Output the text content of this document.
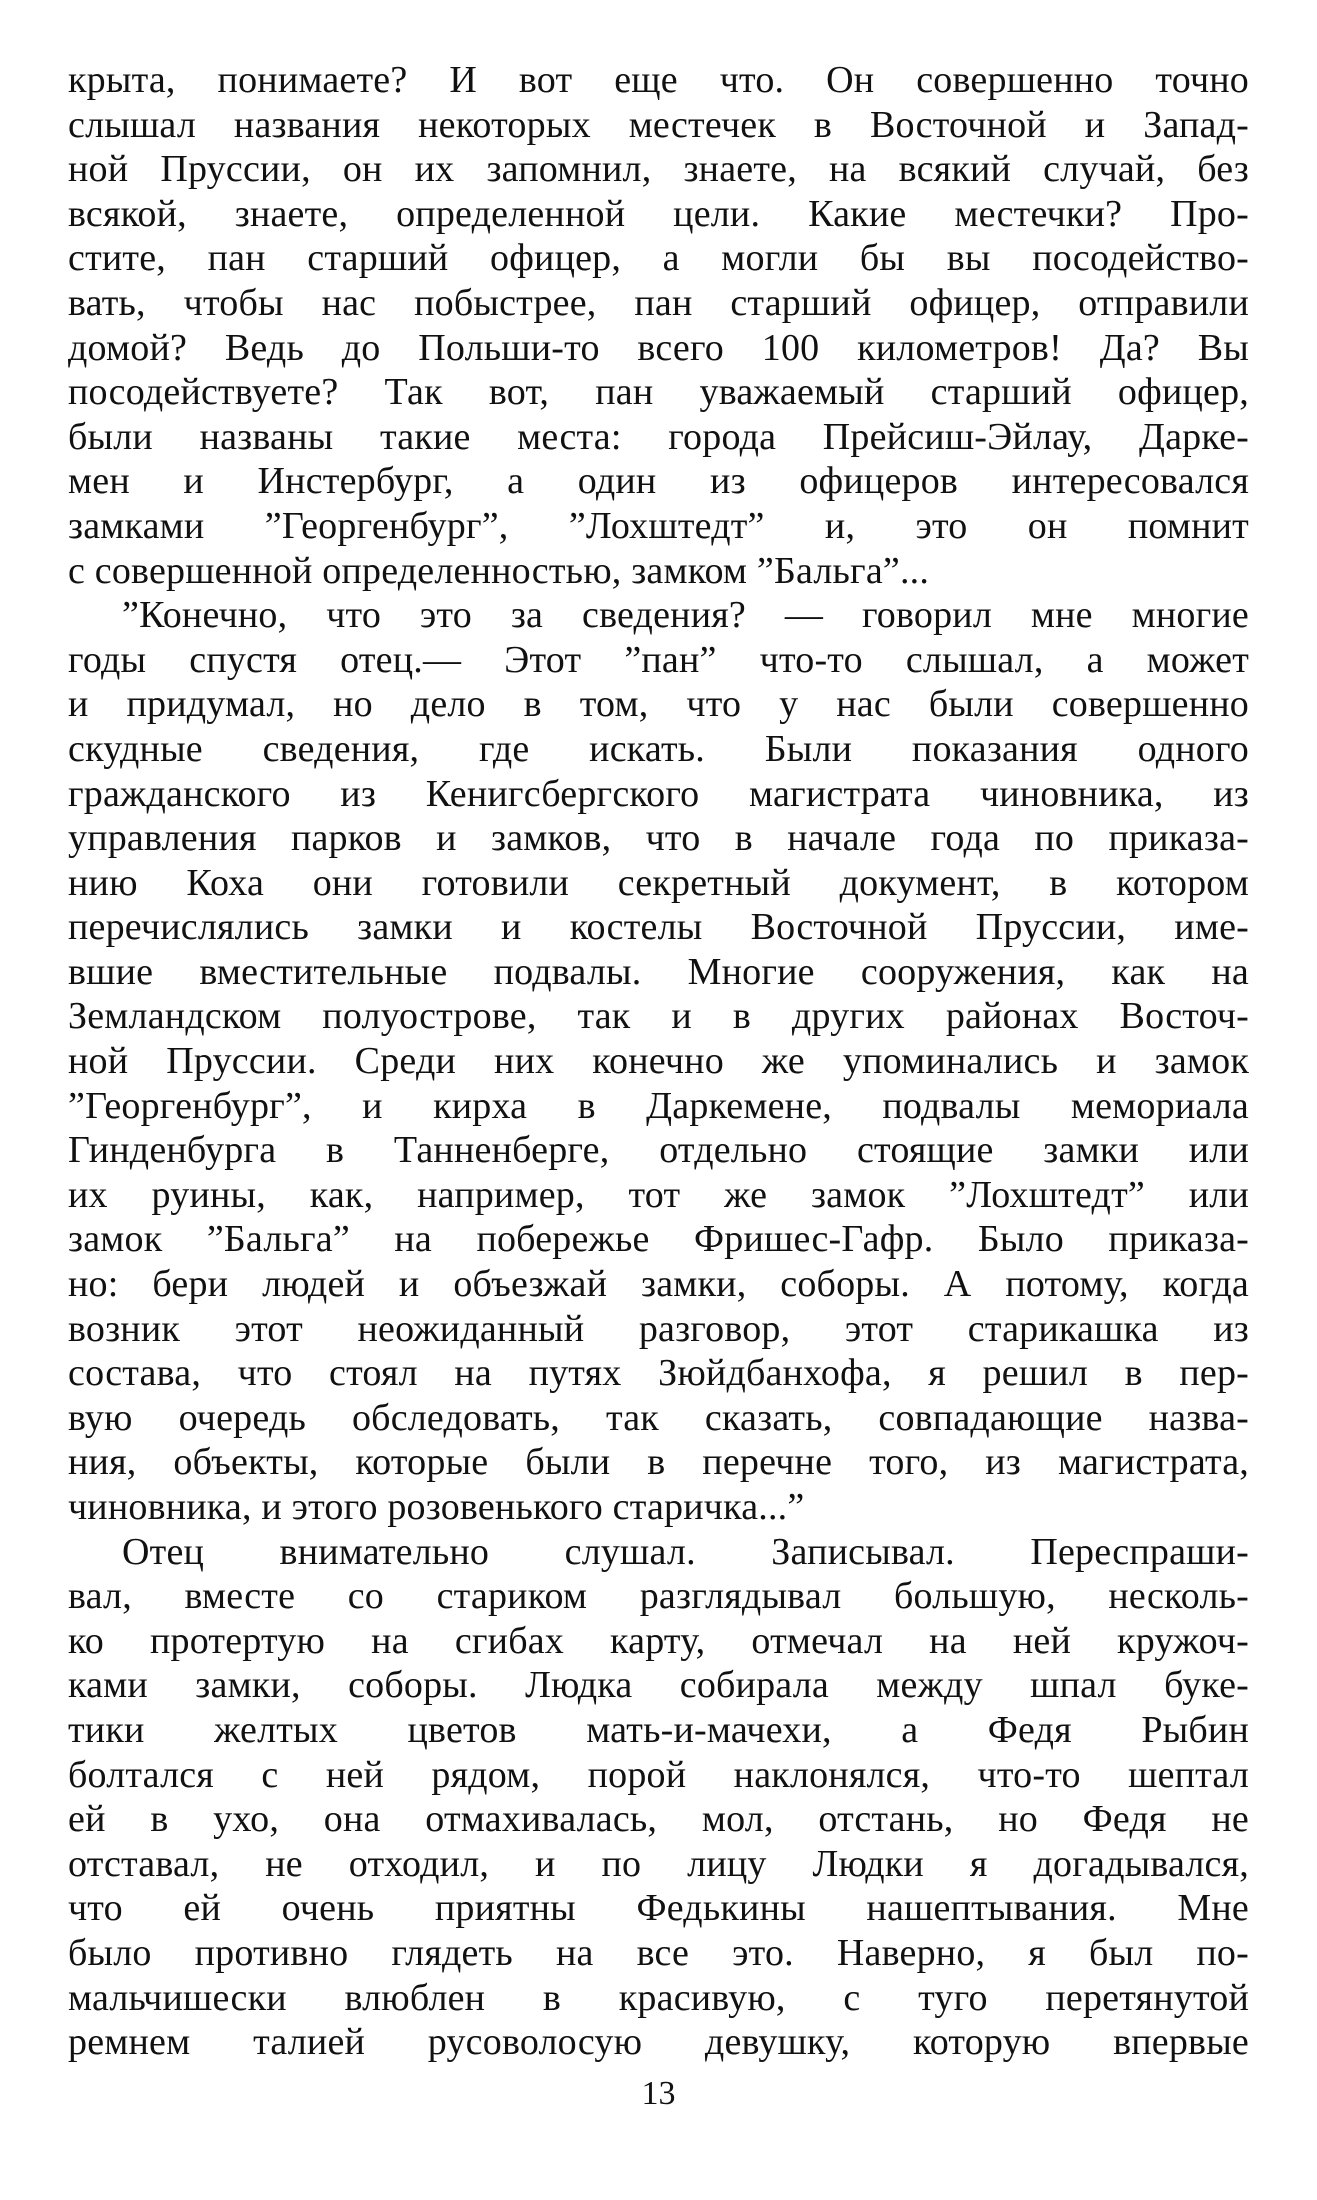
крыта, понимаете? И вот еще что. Он совершенно точно
слышал названия некоторых местечек в Восточной и Запад-
ной Пруссии, он их запомнил, знаете, на всякий случай, без
всякой, знаете, определенной цели. Какие местечки? Про-
стите, пан старший офицер, а могли бы вы посодейство-
вать, чтобы нас побыстрее, пан старший офицер, отправили
домой? Ведь до Польши-то всего 100 километров! Да? Вы
посодействуете? Так вот, пан уважаемый старший офицер,
были названы такие места: города Прейсиш-Эйлау, Дарке-
мен и Инстербург, а один из офицеров интересовался
замками ”Георгенбург”, ”Лохштедт” и, это он помнит
с совершенной определенностью, замком ”Бальга”...
”Конечно, что это за сведения? — говорил мне многие
годы спустя отец.— Этот ”пан” что-то слышал, а может
и придумал, но дело в том, что у нас были совершенно
скудные сведения, где искать. Были показания одного
гражданского из Кенигсбергского магистрата чиновника, из
управления парков и замков, что в начале года по приказа-
нию Коха они готовили секретный документ, в котором
перечислялись замки и костелы Восточной Пруссии, име-
вшие вместительные подвалы. Многие сооружения, как на
Земландском полуострове, так и в других районах Восточ-
ной Пруссии. Среди них конечно же упоминались и замок
”Георгенбург”, и кирха в Даркемене, подвалы мемориала
Гинденбурга в Танненберге, отдельно стоящие замки или
их руины, как, например, тот же замок ”Лохштедт” или
замок ”Бальга” на побережье Фришес-Гафр. Было приказа-
но: бери людей и объезжай замки, соборы. А потому, когда
возник этот неожиданный разговор, этот старикашка из
состава, что стоял на путях Зюйдбанхофа, я решил в пер-
вую очередь обследовать, так сказать, совпадающие назва-
ния, объекты, которые были в перечне того, из магистрата,
чиновника, и этого розовенького старичка...”
Отец внимательно слушал. Записывал. Переспраши-
вал, вместе со стариком разглядывал большую, несколь-
ко протертую на сгибах карту, отмечал на ней кружоч-
ками замки, соборы. Людка собирала между шпал буке-
тики желтых цветов мать-и-мачехи, а Федя Рыбин
болтался с ней рядом, порой наклонялся, что-то шептал
ей в ухо, она отмахивалась, мол, отстань, но Федя не
отставал, не отходил, и по лицу Людки я догадывался,
что ей очень приятны Федькины нашептывания. Мне
было противно глядеть на все это. Наверно, я был по-
мальчишески влюблен в красивую, с туго перетянутой
ремнем талией русоволосую девушку, которую впервые
13
